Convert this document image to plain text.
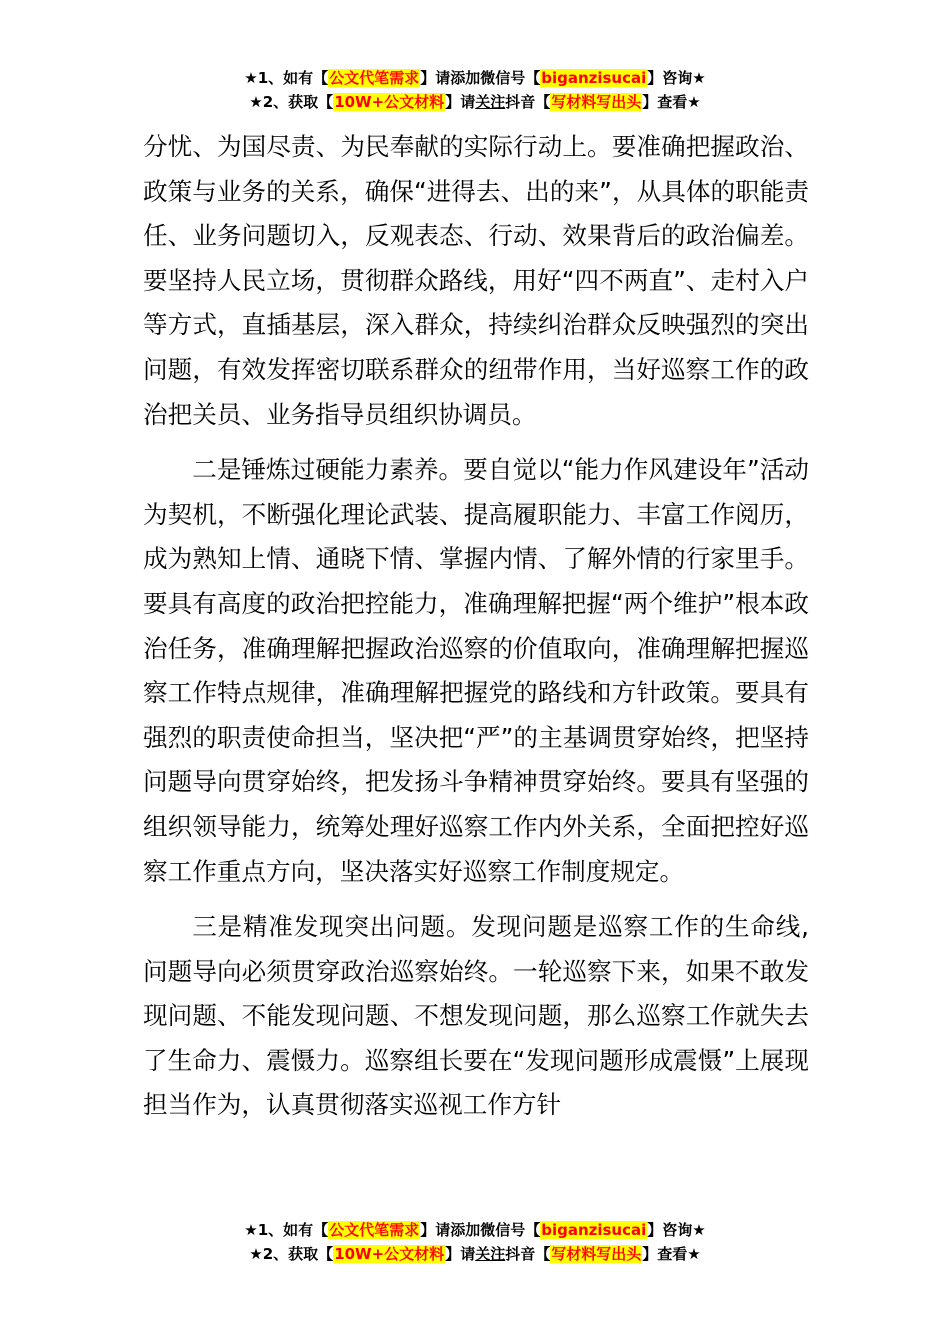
★1、如有【公文代笔需求】请添加微信号【biganzisucai】咨询★
★2、获取【10W+公文材料】请关注抖音【写材料写出头】查看★

分忧、为国尽责、为民奉献的实际行动上。要准确把握政治、政策与业务的关系，确保“进得去、出的来”，从具体的职能责任、业务问题切入，反观表态、行动、效果背后的政治偏差。要坚持人民立场，贯彻群众路线，用好“四不两直”、走村入户等方式，直插基层，深入群众，持续纠治群众反映强烈的突出问题，有效发挥密切联系群众的纽带作用，当好巡察工作的政治把关员、业务指导员组织协调员。

二是锤炼过硬能力素养。要自觉以“能力作风建设年”活动为契机，不断强化理论武装、提高履职能力、丰富工作阅历，成为熟知上情、通晓下情、掌握内情、了解外情的行家里手。要具有高度的政治把控能力，准确理解把握“两个维护”根本政治任务，准确理解把握政治巡察的价值取向，准确理解把握巡察工作特点规律，准确理解把握党的路线和方针政策。要具有强烈的职责使命担当，坚决把“严”的主基调贯穿始终，把坚持问题导向贯穿始终，把发扬斗争精神贯穿始终。要具有坚强的组织领导能力，统筹处理好巡察工作内外关系，全面把控好巡察工作重点方向，坚决落实好巡察工作制度规定。

三是精准发现突出问题。发现问题是巡察工作的生命线,问题导向必须贯穿政治巡察始终。一轮巡察下来，如果不敢发现问题、不能发现问题、不想发现问题，那么巡察工作就失去了生命力、震慑力。巡察组长要在“发现问题形成震慑”上展现担当作为，认真贯彻落实巡视工作方针

★1、如有【公文代笔需求】请添加微信号【biganzisucai】咨询★
★2、获取【10W+公文材料】请关注抖音【写材料写出头】查看★
